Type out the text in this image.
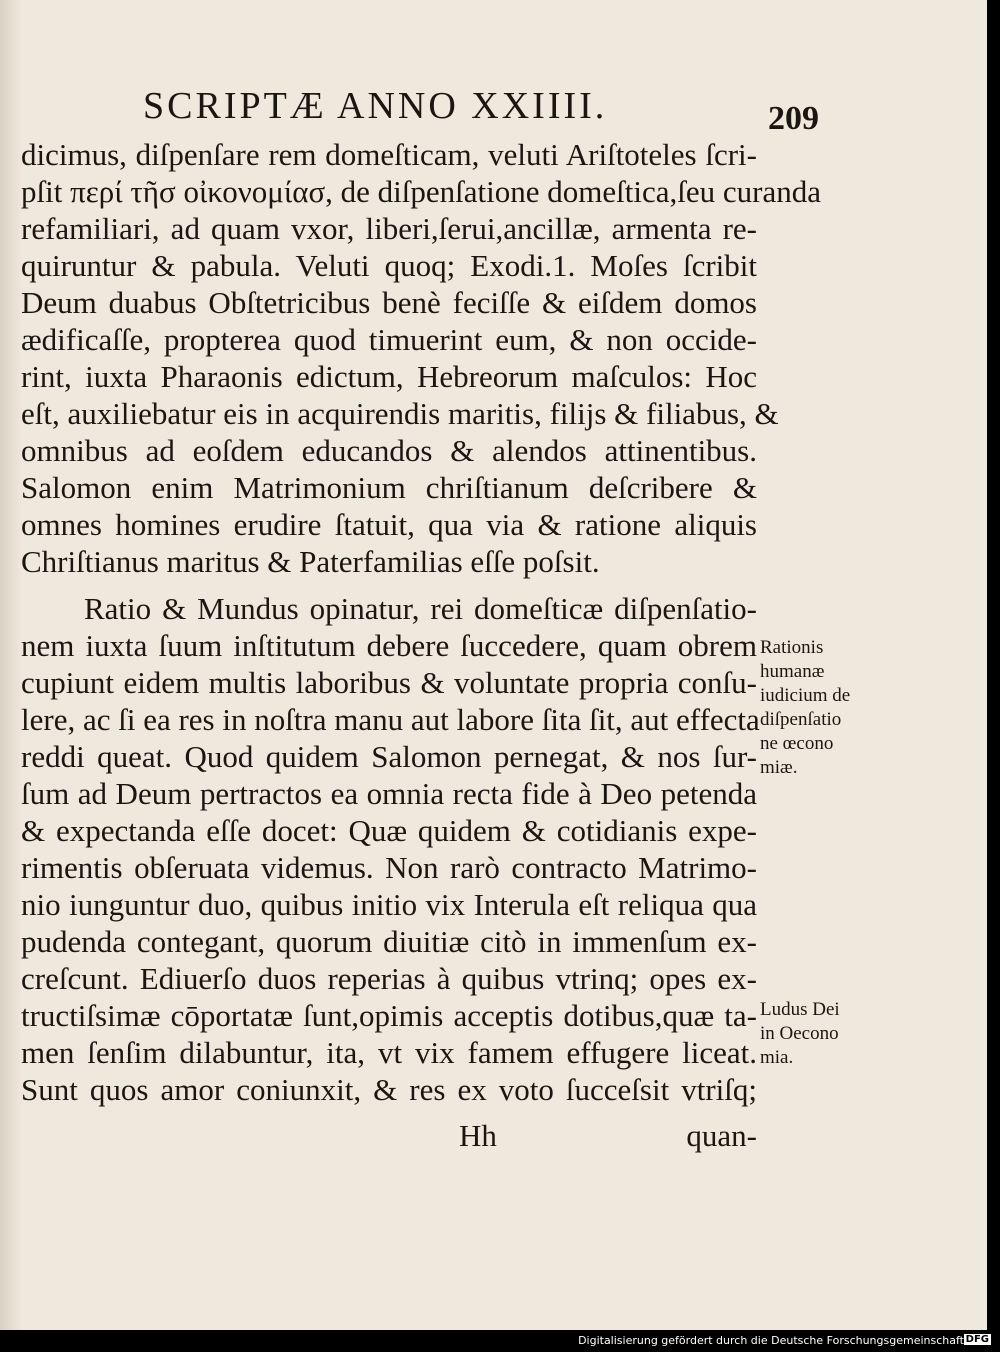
SCRIPTÆ ANNO XXIIII.	209
dicimus, diſpenſare rem domeſticam, veluti Ariſtoteles ſcri-
pſit περί τῆσ οἰκονομίασ, de diſpenſatione domeſtica,ſeu curanda
refamiliari, ad quam vxor, liberi,ſerui,ancillæ, armenta re-
quiruntur & pabula. Veluti quoq; Exodi.1. Moſes ſcribit
Deum duabus Obſtetricibus benè feciſſe & eiſdem domos
ædificaſſe, propterea quod timuerint eum, & non occide-
rint, iuxta Pharaonis edictum, Hebreorum maſculos: Hoc
eſt, auxiliebatur eis in acquirendis maritis, filijs & filiabus, &
omnibus ad eoſdem educandos & alendos attinentibus.
Salomon enim Matrimonium chriſtianum deſcribere &
omnes homines erudire ſtatuit, qua via & ratione aliquis
Chriſtianus maritus & Paterfamilias eſſe poſsit.
Ratio & Mundus opinatur, rei domeſticæ diſpenſatio-
nem iuxta ſuum inſtitutum debere ſuccedere, quam obrem
cupiunt eidem multis laboribus & voluntate propria conſu-
lere, ac ſi ea res in noſtra manu aut labore ſita ſit, aut effecta
reddi queat. Quod quidem Salomon pernegat, & nos ſur-
ſum ad Deum pertractos ea omnia recta fide à Deo petenda
& expectanda eſſe docet: Quæ quidem & cotidianis expe-
rimentis obſeruata videmus. Non rarò contracto Matrimo-
nio iunguntur duo, quibus initio vix Interula eſt reliqua qua
pudenda contegant, quorum diuitiæ citò in immenſum ex-
creſcunt. Ediuerſo duos reperias à quibus vtrinq; opes ex-
tructiſsimæ cōportatæ ſunt,opimis acceptis dotibus,quæ ta-
men ſenſim dilabuntur, ita, vt vix famem effugere liceat.
Sunt quos amor coniunxit, & res ex voto ſucceſsit vtriſq;
Rationis
humanæ
iudicium de
diſpenſatio
ne œcono
miæ.
Ludus Dei
in Oecono
mia.
Hh	quan-
Digitalisierung gefördert durch die Deutsche Forschungsgemeinschaft DFG
